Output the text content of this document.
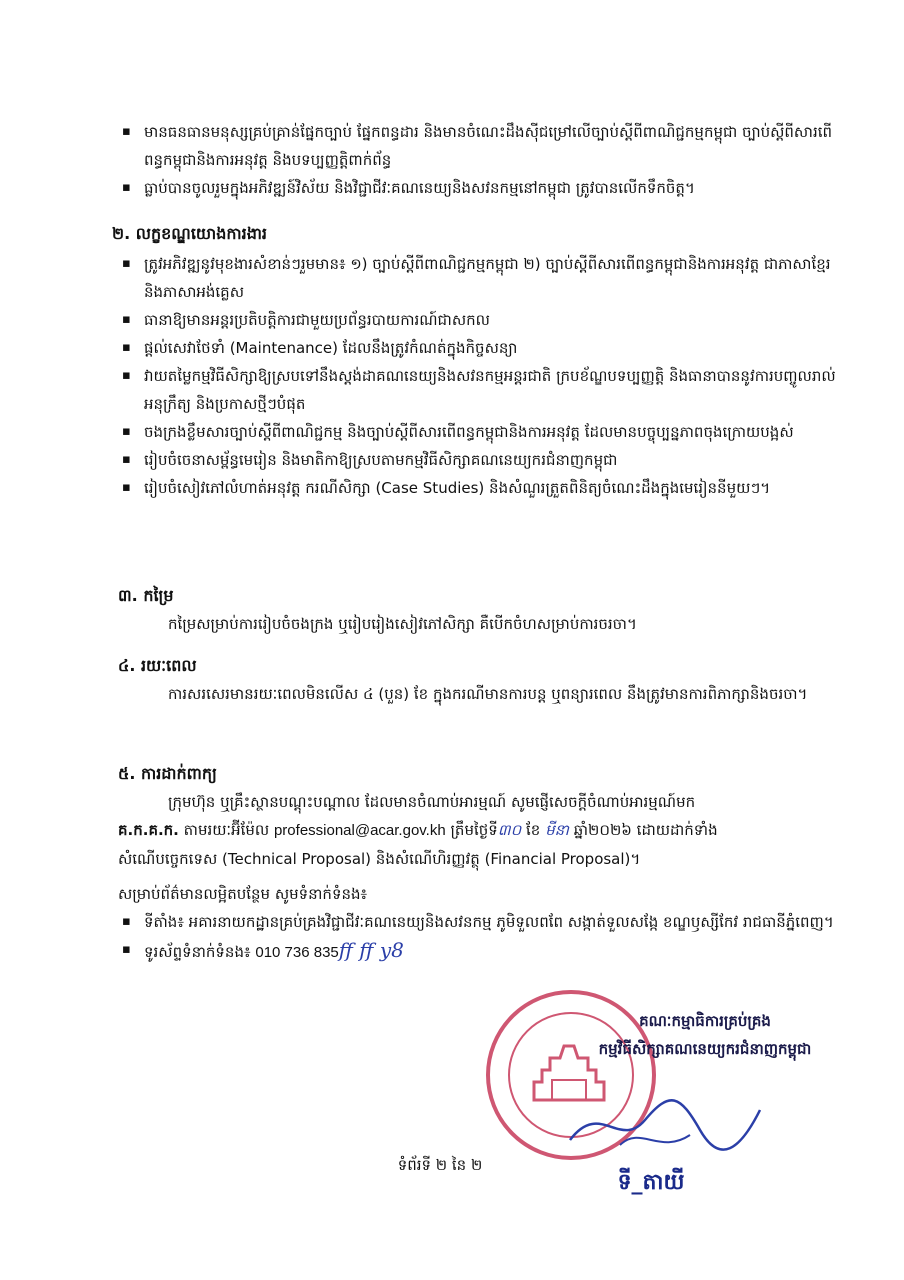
▪ មានធនធានមនុស្សគ្រប់គ្រាន់ផ្នែកច្បាប់ ផ្នែកពន្ធដារ និងមានចំណេះដឹងស៊ីជម្រៅលើច្បាប់ស្តីពីពាណិជ្ជកម្មកម្ពុជា ច្បាប់ស្តីពីសារពើពន្ធកម្ពុជានិងការអនុវត្ត និងបទប្បញ្ញត្តិពាក់ព័ន្ធ
▪ ធ្លាប់បានចូលរួមក្នុងអភិវឌ្ឍន៍វិស័យ និងវិជ្ជាជីវៈគណនេយ្យនិងសវនកម្មនៅកម្ពុជា ត្រូវបានលើកទឹកចិត្ត។
២. លក្ខខណ្ឌយោងការងារ
▪ ត្រូវអភិវឌ្ឍនូវមុខងារសំខាន់ៗរួមមាន៖ ១) ច្បាប់ស្តីពីពាណិជ្ជកម្មកម្ពុជា ២) ច្បាប់ស្តីពីសារពើពន្ធកម្ពុជានិងការអនុវត្ត ជាភាសាខ្មែរ និងភាសាអង់គ្លេស
▪ ធានាឱ្យមានអន្តរប្រតិបត្តិការជាមួយប្រព័ន្ធរបាយការណ៍ជាសកល
▪ ផ្តល់សេវាថែទាំ (Maintenance) ដែលនឹងត្រូវកំណត់ក្នុងកិច្ចសន្យា
▪ វាយតម្លៃកម្មវិធីសិក្សាឱ្យស្របទៅនឹងស្តង់ដាគណនេយ្យនិងសវនកម្មអន្តរជាតិ ក្របខ័ណ្ឌបទប្បញ្ញត្តិ និងធានាបាននូវការបញ្ចូលរាល់អនុក្រឹត្យ និងប្រកាសថ្មីៗបំផុត
▪ ចងក្រងខ្លឹមសារច្បាប់ស្តីពីពាណិជ្ជកម្ម និងច្បាប់ស្តីពីសារពើពន្ធកម្ពុជានិងការអនុវត្ត ដែលមានបច្ចុប្បន្នភាពចុងក្រោយបង្អស់
▪ រៀបចំចេនាសម្ព័ន្ធមេរៀន និងមាតិកាឱ្យស្របតាមកម្មវិធីសិក្សាគណនេយ្យករជំនាញកម្ពុជា
▪ រៀបចំសៀវភៅលំហាត់អនុវត្ត ករណីសិក្សា (Case Studies) និងសំណួរត្រួតពិនិត្យចំណេះដឹងក្នុងមេរៀននីមួយៗ។
៣. កម្រៃ
កម្រៃសម្រាប់ការរៀបចំចងក្រង ឬរៀបរៀងសៀវភៅសិក្សា គឺបើកចំហសម្រាប់ការចរចា។
៤. រយៈពេល
ការសរសេរមានរយៈពេលមិនលើស ៤ (បួន) ខែ ក្នុងករណីមានការបន្ត ឬពន្យារពេល នឹងត្រូវមានការពិភាក្សានិងចរចា។
៥. ការដាក់ពាក្យ
ក្រុមហ៊ុន ឬគ្រឹះស្ថានបណ្តុះបណ្តាល ដែលមានចំណាប់អារម្មណ៍ សូមផ្ញើសេចក្តីចំណាប់អារម្មណ៍មក
គ.ក.គ.ក. តាមរយៈអ៊ីម៉ែល professional@acar.gov.kh ត្រឹមថ្ងៃទី៣០ ខែ មីនា ឆ្នាំ២០២៦ ដោយដាក់ទាំង
សំណើបច្ចេកទេស (Technical Proposal) និងសំណើហិរញ្ញវត្ថុ (Financial Proposal)។
សម្រាប់ព័ត៌មានលម្អិតបន្ថែម សូមទំនាក់ទំនង៖
▪ ទីតាំង៖ អគារនាយកដ្ឋានគ្រប់គ្រងវិជ្ជាជីវៈគណនេយ្យនិងសវនកម្ម ភូមិទួលពពែ សង្កាត់ទួលសង្កែ ខណ្ឌឫស្សីកែវ រាជធានីភ្នំពេញ។
▪ ទូរស័ព្ទទំនាក់ទំនង៖ 010 736 835ff ff y8
គណៈកម្មាធិការគ្រប់គ្រង
កម្មវិធីសិក្សាគណនេយ្យករជំនាញកម្ពុជា
ទី_តាយី
ទំព័រទី ២ នៃ ២
